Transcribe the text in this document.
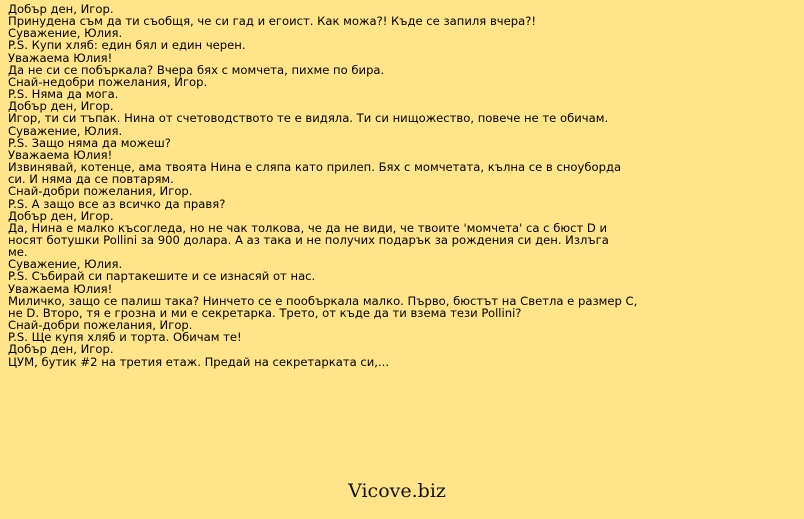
Добър ден, Игор.
Принудена съм да ти съобщя, че си гад и егоист. Как можа?! Къде се запиля вчера?!
Суважение, Юлия.
P.S. Купи хляб: един бял и един черен.
Уважаема Юлия!
Да не си се побъркала? Вчера бях с момчета, пихме по бира.
Снай-недобри пожелания, Игор.
P.S. Няма да мога.
Добър ден, Игор.
Игор, ти си тъпак. Нина от счетоводството те е видяла. Ти си нищожество, повече не те обичам.
Суважение, Юлия.
P.S. Защо няма да можеш?
Уважаема Юлия!
Извинявай, котенце, ама твоята Нина е сляпа като прилеп. Бях с момчетата, кълна се в сноуборда
си. И няма да се повтарям.
Снай-добри пожелания, Игор.
P.S. А защо все аз всичко да правя?
Добър ден, Игор.
Да, Нина е малко късогледа, но не чак толкова, че да не види, че твоите 'момчета' са с бюст D и
носят ботушки Pollini за 900 долара. А аз така и не получих подарък за рождения си ден. Излъга
ме.
Суважение, Юлия.
P.S. Събирай си партакешите и се изнасяй от нас.
Уважаема Юлия!
Миличко, защо се палиш така? Нинчето се е пообъркала малко. Първо, бюстът на Светла е размер С,
не D. Второ, тя е грозна и ми е секретарка. Трето, от къде да ти взема тези Pollini?
Снай-добри пожелания, Игор.
P.S. Ще купя хляб и торта. Обичам те!
Добър ден, Игор.
ЦУМ, бутик #2 на третия етаж. Предай на секретарката си,...
Vicove.biz
